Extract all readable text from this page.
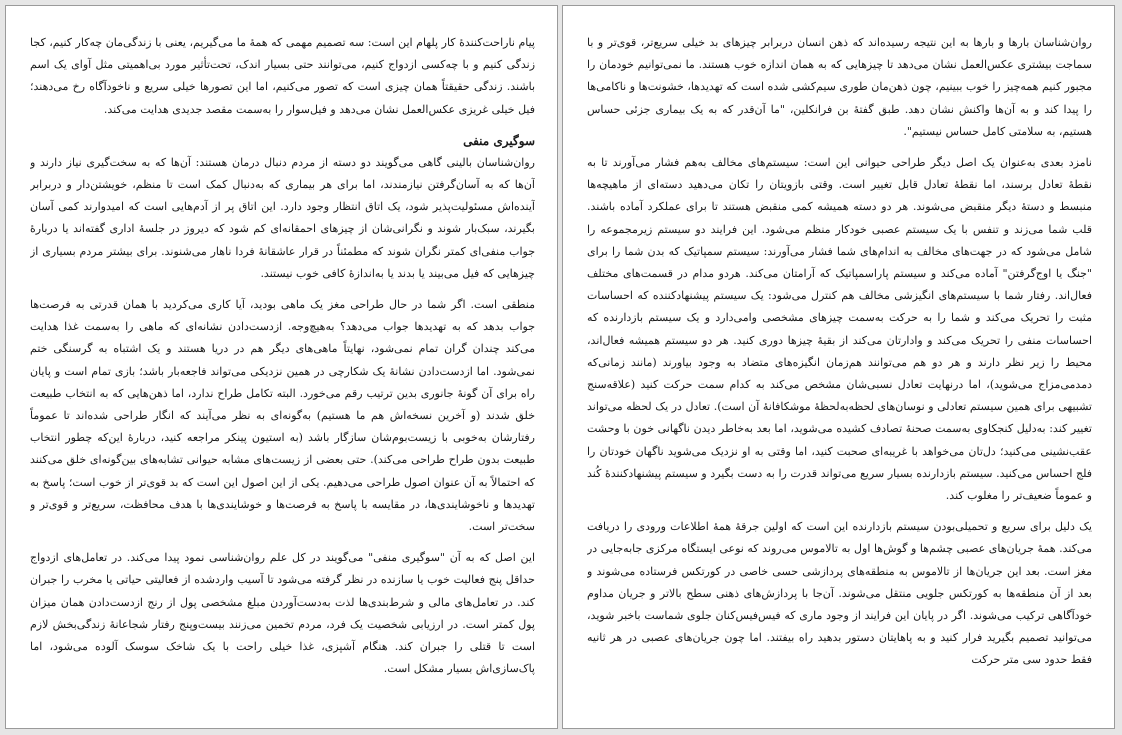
پیام ناراحت‌کنندهٔ کار پلهام این است: سه تصمیم مهمی که همهٔ ما می‌گیریم، یعنی با زندگی‌مان چه‌کار کنیم، کجا زندگی کنیم و با چه‌کسی ازدواج کنیم، می‌توانند حتی بسیار اندک، تحت‌تأثیر مورد بی‌اهمیتی مثل آوای یک اسم باشند. زندگی حقیقتاً همان چیزی است که تصور می‌کنیم، اما این تصورها خیلی سریع و ناخودآگاه رخ می‌دهند؛ فیل خیلی غریزی عکس‌العمل نشان می‌دهد و فیل‌سوار را به‌سمت مقصد جدیدی هدایت می‌کند.

سوگیری منفی

روان‌شناسان بالینی گاهی می‌گویند دو دسته از مردم دنبال درمان هستند: آن‌ها که به سخت‌گیری نیاز دارند و آن‌ها که به آسان‌گرفتن نیازمندند، اما برای هر بیماری که به‌دنبال کمک است تا منظم، خویشتن‌دار و دربرابر آینده‌اش مسئولیت‌پذیر شود، یک اتاق انتظار وجود دارد. این اتاق پر از آدم‌هایی است که امیدوارند کمی آسان بگیرند، سبک‌بار شوند و نگرانی‌شان از چیزهای احمقانه‌ای کم شود که دیروز در جلسهٔ اداری گفته‌اند یا دربارهٔ جواب منفی‌ای کمتر نگران شوند که مطمئناً در قرار عاشقانهٔ فردا ناهار می‌شنوند. برای بیشتر مردم بسیاری از چیزهایی که فیل می‌بیند یا بدند یا به‌اندازهٔ کافی خوب نیستند.

منطقی است. اگر شما در حال طراحی مغز یک ماهی بودید، آیا کاری می‌کردید با همان قدرتی به فرصت‌ها جواب بدهد که به تهدیدها جواب می‌دهد؟ به‌هیچ‌وجه. ازدست‌دادن نشانه‌ای که ماهی را به‌سمت غذا هدایت می‌کند چندان گران تمام نمی‌شود، نهایتاً ماهی‌های دیگر هم در دریا هستند و یک اشتباه به گرسنگی ختم نمی‌شود. اما ازدست‌دادن نشانهٔ یک شکارچی در همین نزدیکی می‌تواند فاجعه‌بار باشد؛ بازی تمام است و پایان راه برای آن گونهٔ جانوری بدین ترتیب رقم می‌خورد. البته تکامل طراح ندارد، اما ذهن‌هایی که به انتخاب طبیعت خلق شدند (و آخرین نسخه‌اش هم ما هستیم) به‌گونه‌ای به نظر می‌آیند که انگار طراحی شده‌اند تا عموماً رفتارشان به‌خوبی با زیست‌بوم‌شان سازگار باشد (به استیون پینکر مراجعه کنید، دربارهٔ این‌که چطور انتخاب طبیعت بدون طراح طراحی می‌کند). حتی بعضی از زیست‌های مشابه حیوانی تشابه‌های بین‌گونه‌ای خلق می‌کنند که احتمالاً به آن عنوان اصول طراحی می‌دهیم. یکی از این اصول این است که بد قوی‌تر از خوب است؛ پاسخ به تهدیدها و ناخوشایندی‌ها، در مقایسه با پاسخ به فرصت‌ها و خوشایندی‌ها با هدف محافظت، سریع‌تر و قوی‌تر و سخت‌تر است.

این اصل که به آن "سوگیری منفی" می‌گویند در کل علم روان‌شناسی نمود پیدا می‌کند. در تعامل‌های ازدواج حداقل پنج فعالیت خوب یا سازنده در نظر گرفته می‌شود تا آسیب واردشده از فعالیتی حیاتی یا مخرب را جبران کند. در تعامل‌های مالی و شرط‌بندی‌ها لذت به‌دست‌آوردن مبلغ مشخصی پول از رنج ازدست‌دادن همان میزان پول کمتر است. در ارزیابی شخصیت یک فرد، مردم تخمین می‌زنند بیست‌وپنج رفتار شجاعانهٔ زندگی‌بخش لازم است تا قتلی را جبران کند. هنگام آشپزی، غذا خیلی راحت با یک شاخک سوسک آلوده می‌شود، اما پاک‌سازی‌اش بسیار مشکل است.

روان‌شناسان بارها و بارها به این نتیجه رسیده‌اند که ذهن انسان دربرابر چیزهای بد خیلی سریع‌تر، قوی‌تر و با سماجت بیشتری عکس‌العمل نشان می‌دهد تا چیزهایی که به همان اندازه خوب هستند. ما نمی‌توانیم خودمان را مجبور کنیم همه‌چیز را خوب ببینیم، چون ذهن‌مان طوری سیم‌کشی شده است که تهدیدها، خشونت‌ها و ناکامی‌ها را پیدا کند و به آن‌ها واکنش نشان دهد. طبق گفتهٔ بن فرانکلین، "ما آن‌قدر که به یک بیماری جزئی حساس هستیم، به سلامتی کامل حساس نیستیم".

نامزد بعدی به‌عنوان یک اصل دیگر طراحی حیوانی این است: سیستم‌های مخالف به‌هم فشار می‌آورند تا به نقطهٔ تعادل برسند، اما نقطهٔ تعادل قابل تغییر است. وقتی بازویتان را تکان می‌دهید دسته‌ای از ماهیچه‌ها منبسط و دستهٔ دیگر منقبض می‌شوند. هر دو دسته همیشه کمی منقبض هستند تا برای عملکرد آماده باشند. قلب شما می‌زند و تنفس با یک سیستم عصبی خودکار منظم می‌شود. این فرایند دو سیستم زیرمجموعه را شامل می‌شود که در جهت‌های مخالف به اندام‌های شما فشار می‌آورند: سیستم سمپاتیک که بدن شما را برای "جنگ یا اوج‌گرفتن" آماده می‌کند و سیستم پاراسمپاتیک که آرامتان می‌کند. هردو مدام در قسمت‌های مختلف فعال‌اند. رفتار شما با سیستم‌های انگیزشی مخالف هم کنترل می‌شود: یک سیستم پیشنهادکننده که احساسات مثبت را تحریک می‌کند و شما را به حرکت به‌سمت چیزهای مشخصی وامی‌دارد و یک سیستم بازدارنده که احساسات منفی را تحریک می‌کند و وادارتان می‌کند از بقیهٔ چیزها دوری کنید. هر دو سیستم همیشه فعال‌اند، محیط را زیر نظر دارند و هر دو هم می‌توانند هم‌زمان انگیزه‌های متضاد به وجود بیاورند (مانند زمانی‌که دمدمی‌مزاج می‌شوید)، اما درنهایت تعادل نسبی‌شان مشخص می‌کند به کدام سمت حرکت کنید (علاقه‌سنج تشبیهی برای همین سیستم تعادلی و نوسان‌های لحظه‌به‌لحظهٔ موشکافانهٔ آن است). تعادل در یک لحظه می‌تواند تغییر کند: به‌دلیل کنجکاوی به‌سمت صحنهٔ تصادف کشیده می‌شوید، اما بعد به‌خاطر دیدن ناگهانی خون با وحشت عقب‌نشینی می‌کنید؛ دل‌تان می‌خواهد با غریبه‌ای صحبت کنید، اما وقتی به او نزدیک می‌شوید ناگهان خودتان را فلج احساس می‌کنید. سیستم بازدارنده بسیار سریع می‌تواند قدرت را به دست بگیرد و سیستم پیشنهادکنندهٔ کُند و عموماً ضعیف‌تر را مغلوب کند.

یک دلیل برای سریع و تحمیلی‌بودن سیستم بازدارنده این است که اولین جرقهٔ همهٔ اطلاعات ورودی را دریافت می‌کند. همهٔ جریان‌های عصبی چشم‌ها و گوش‌ها اول به تالاموس می‌روند که نوعی ایستگاه مرکزی جابه‌جایی در مغز است. بعد این جریان‌ها از تالاموس به منطقه‌های پردازشی حسی خاصی در کورتکس فرستاده می‌شوند و بعد از آن منطقه‌ها به کورتکس جلویی منتقل می‌شوند. آن‌جا با پردازش‌های ذهنی سطح بالاتر و جریان مداوم خودآگاهی ترکیب می‌شوند. اگر در پایان این فرایند از وجود ماری که فیس‌فیس‌کنان جلوی شماست باخبر شوید، می‌توانید تصمیم بگیرید فرار کنید و به پاهایتان دستور بدهید راه بیفتند. اما چون جریان‌های عصبی در هر ثانیه فقط حدود سی متر حرکت
